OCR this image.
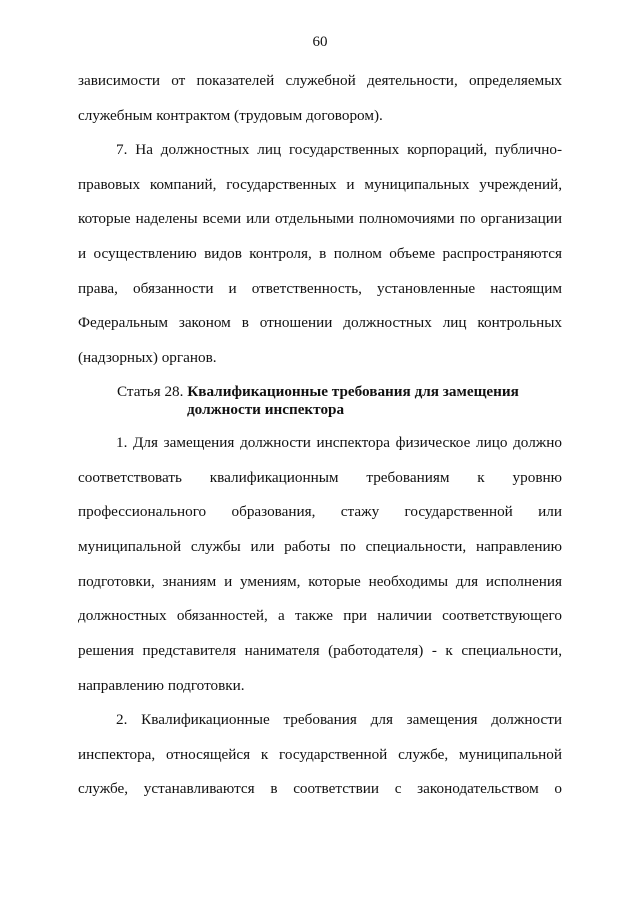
60
зависимости от показателей служебной деятельности, определяемых
служебным контрактом (трудовым договором).
7. На должностных лиц государственных корпораций, публично-
правовых компаний, государственных и муниципальных учреждений,
которые наделены всеми или отдельными полномочиями по организации
и осуществлению видов контроля, в полном объеме распространяются
права, обязанности и ответственность, установленные настоящим
Федеральным законом в отношении должностных лиц контрольных
(надзорных) органов.
1. Для замещения должности инспектора физическое лицо должно
соответствовать квалификационным требованиям к уровню
профессионального образования, стажу государственной или
муниципальной службы или работы по специальности, направлению
подготовки, знаниям и умениям, которые необходимы для исполнения
должностных обязанностей, а также при наличии соответствующего
решения представителя нанимателя (работодателя) - к специальности,
направлению подготовки.
2. Квалификационные требования для замещения должности
инспектора, относящейся к государственной службе, муниципальной
службе, устанавливаются в соответствии с законодательством о
Статья 28. Квалификационные требования для замещения
должности инспектора
